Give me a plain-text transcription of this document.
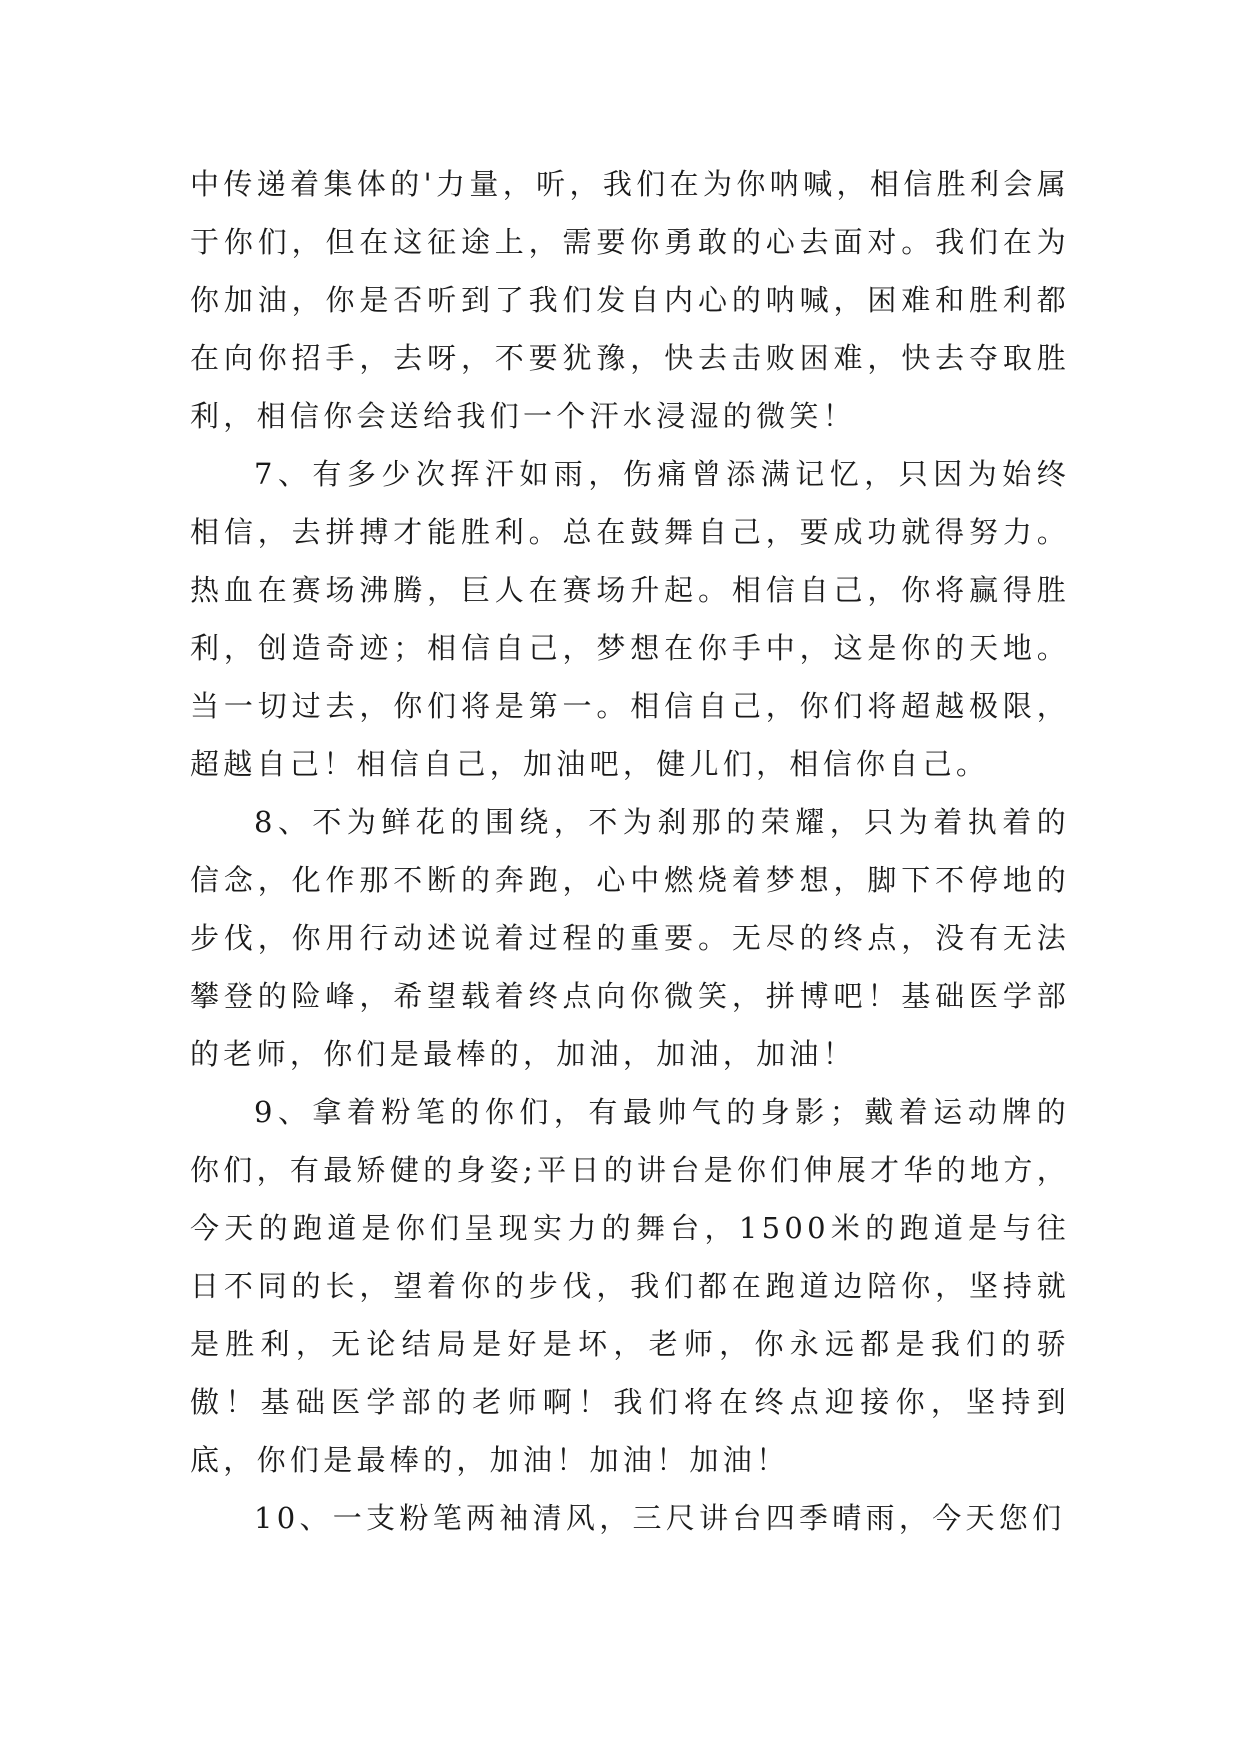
中传递着集体的'力量，听，我们在为你呐喊，相信胜利会属于你们，但在这征途上，需要你勇敢的心去面对。我们在为你加油，你是否听到了我们发自内心的呐喊，困难和胜利都在向你招手，去呀，不要犹豫，快去击败困难，快去夺取胜利，相信你会送给我们一个汗水浸湿的微笑！

7、有多少次挥汗如雨，伤痛曾添满记忆，只因为始终相信，去拼搏才能胜利。总在鼓舞自己，要成功就得努力。热血在赛场沸腾，巨人在赛场升起。相信自己，你将赢得胜利，创造奇迹；相信自己，梦想在你手中，这是你的天地。当一切过去，你们将是第一。相信自己，你们将超越极限，超越自己！相信自己，加油吧，健儿们，相信你自己。

8、不为鲜花的围绕，不为刹那的荣耀，只为着执着的信念，化作那不断的奔跑，心中燃烧着梦想，脚下不停地的步伐，你用行动述说着过程的重要。无尽的终点，没有无法攀登的险峰，希望载着终点向你微笑，拼博吧！基础医学部的老师，你们是最棒的，加油，加油，加油！

9、拿着粉笔的你们，有最帅气的身影；戴着运动牌的你们，有最矫健的身姿;平日的讲台是你们伸展才华的地方，今天的跑道是你们呈现实力的舞台，1500米的跑道是与往日不同的长，望着你的步伐，我们都在跑道边陪你，坚持就是胜利，无论结局是好是坏，老师，你永远都是我们的骄傲！基础医学部的老师啊！我们将在终点迎接你，坚持到底，你们是最棒的，加油！加油！加油！

10、一支粉笔两袖清风，三尺讲台四季晴雨，今天您们
